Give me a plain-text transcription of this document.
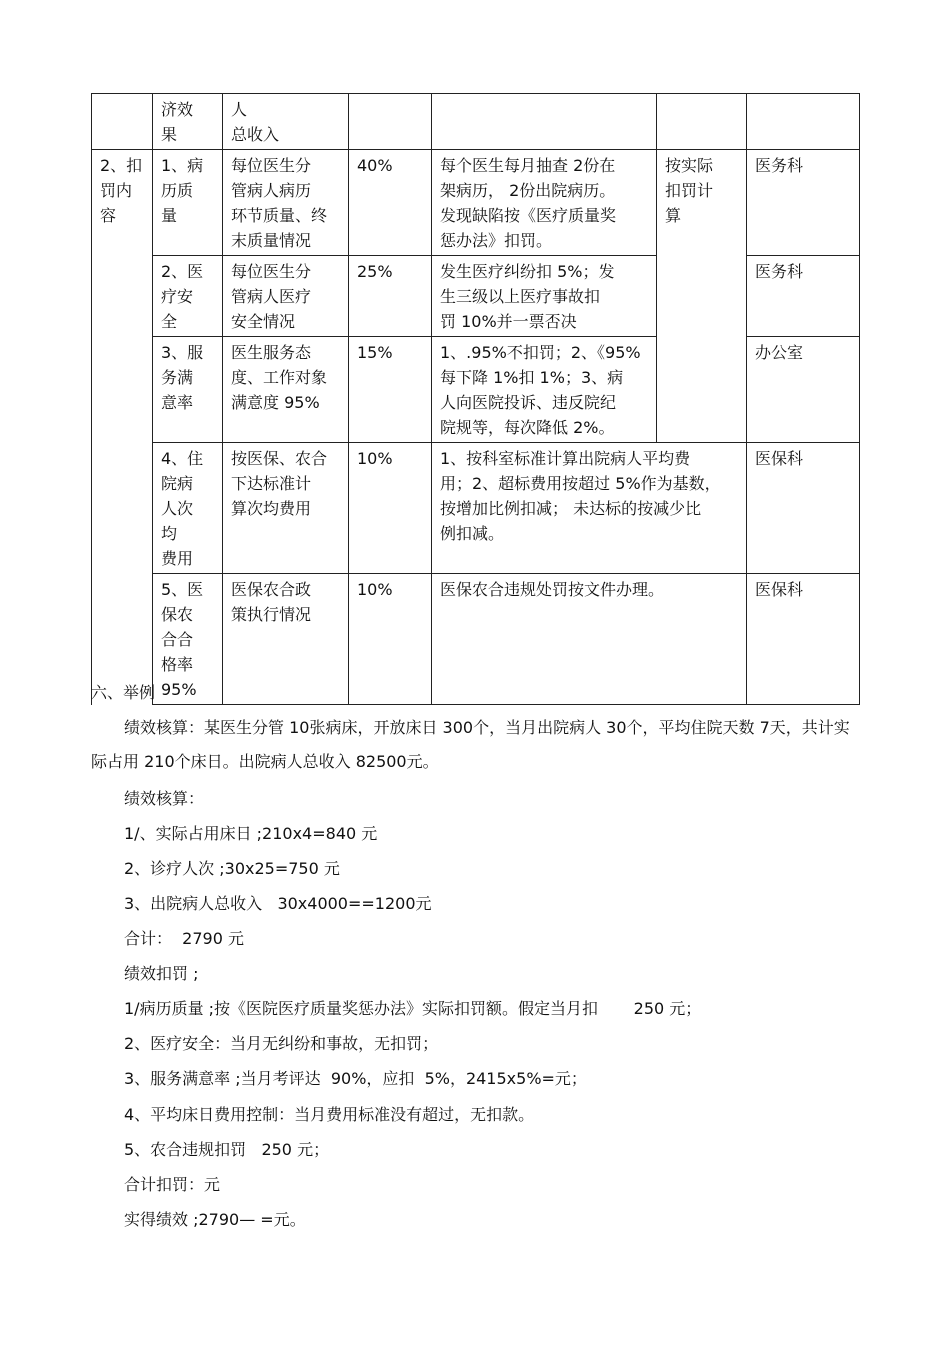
	济效
果	人
总收入				
2、扣
罚内
容	1、病
历质
量	每位医生分
管病人病历
环节质量、终
末质量情况	40%	每个医生每月抽查 2份在
架病历， 2份出院病历。
发现缺陷按《医疗质量奖
惩办法》扣罚。	按实际
扣罚计
算	医务科
	2、医
疗安
全	每位医生分
管病人医疗
安全情况	25%	发生医疗纠纷扣 5%；发
生三级以上医疗事故扣
罚 10%并一票否决		医务科
	3、服
务满
意率	医生服务态
度、工作对象
满意度 95%	15%	1、.95%不扣罚；2、《95%
每下降 1%扣 1%；3、病
人向医院投诉、违反院纪
院规等，每次降低 2%。		办公室
	4、住
院病
人次
均
费用	按医保、农合
下达标准计
算次均费用	10%	1、按科室标准计算出院病人平均费
用；2、超标费用按超过 5%作为基数，
按增加比例扣减； 未达标的按减少比
例扣减。		医保科
	5、医
保农
合合
格率
95%	医保农合政
策执行情况	10%	医保农合违规处罚按文件办理。		医保科
六、举例
绩效核算：某医生分管 10张病床，开放床日 300个，当月出院病人 30个，平均住院天数 7天，共计实际占用 210个床日。出院病人总收入 82500元。
绩效核算：
1/、实际占用床日 ;210x4=840 元
2、诊疗人次 ;30x25=750 元
3、出院病人总收入   30x4000==1200元
合计：  2790 元
绩效扣罚 ;
1/病历质量 ;按《医院医疗质量奖惩办法》实际扣罚额。假定当月扣       250 元；
2、医疗安全：当月无纠纷和事故，无扣罚；
3、服务满意率 ;当月考评达  90%，应扣  5%，2415x5%=元；
4、平均床日费用控制：当月费用标准没有超过，无扣款。
5、农合违规扣罚   250 元；
合计扣罚：元
实得绩效 ;2790— =元。
